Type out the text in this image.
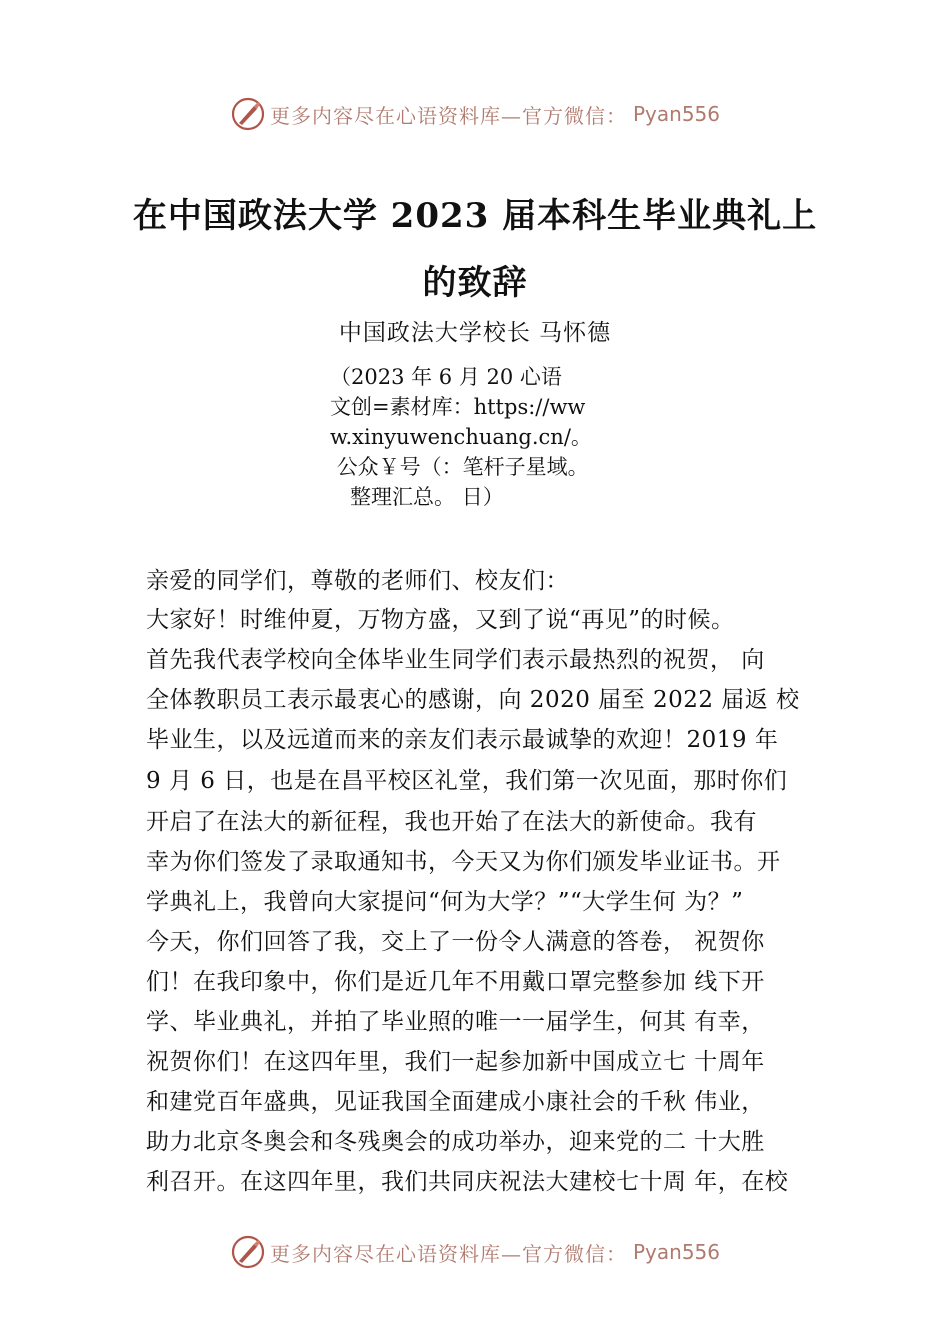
更多内容尽在心语资料库—官方微信： Pyan556
在中国政法大学 2023 届本科生毕业典礼上
的致辞
中国政法大学校长 马怀德
（2023 年 6 月 20 心语
文创=素材库：https://ww
w.xinyuwenchuang.cn/。
公众￥号（：笔杆子星域。
整理汇总。 日）
亲爱的同学们，尊敬的老师们、校友们：
大家好！时维仲夏，万物方盛，又到了说“再见”的时候。
首先我代表学校向全体毕业生同学们表示最热烈的祝贺， 向
全体教职员工表示最衷心的感谢，向 2020 届至 2022 届返 校
毕业生，以及远道而来的亲友们表示最诚挚的欢迎！2019 年
9 月 6 日，也是在昌平校区礼堂，我们第一次见面，那时你们
开启了在法大的新征程，我也开始了在法大的新使命。我有
幸为你们签发了录取通知书，今天又为你们颁发毕业证书。开
学典礼上，我曾向大家提问“何为大学？”“大学生何 为？”
今天，你们回答了我，交上了一份令人满意的答卷， 祝贺你
们！在我印象中，你们是近几年不用戴口罩完整参加 线下开
学、毕业典礼，并拍了毕业照的唯一一届学生，何其 有幸，
祝贺你们！在这四年里，我们一起参加新中国成立七 十周年
和建党百年盛典，见证我国全面建成小康社会的千秋 伟业，
助力北京冬奥会和冬残奥会的成功举办，迎来党的二 十大胜
利召开。在这四年里，我们共同庆祝法大建校七十周 年，在校
更多内容尽在心语资料库—官方微信： Pyan556
